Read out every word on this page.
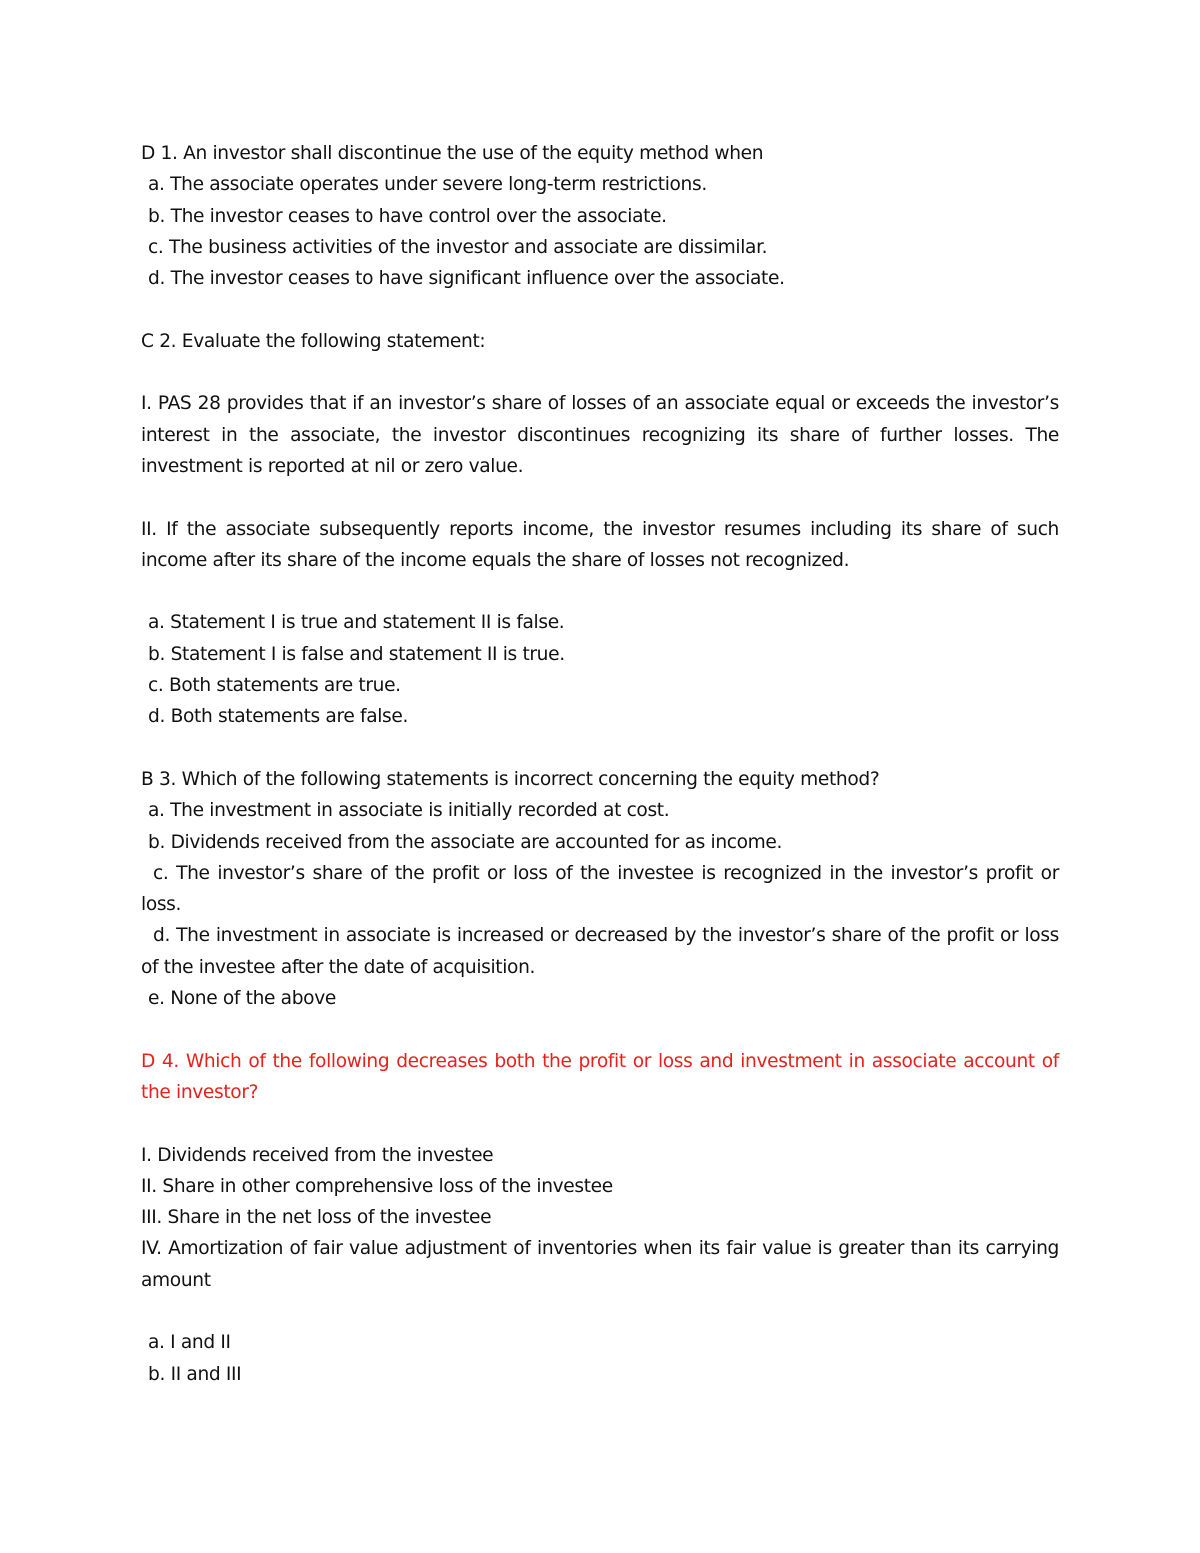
D 1. An investor shall discontinue the use of the equity method when

a. The associate operates under severe long-term restrictions.

b. The investor ceases to have control over the associate.

c. The business activities of the investor and associate are dissimilar.

d. The investor ceases to have significant influence over the associate.

C 2. Evaluate the following statement:

I. PAS 28 provides that if an investor’s share of losses of an associate equal or exceeds the investor’s interest in the associate, the investor discontinues recognizing its share of further losses. The investment is reported at nil or zero value.

II. If the associate subsequently reports income, the investor resumes including its share of such income after its share of the income equals the share of losses not recognized.

a. Statement I is true and statement II is false.

b. Statement I is false and statement II is true.

c. Both statements are true.

d. Both statements are false.

B 3. Which of the following statements is incorrect concerning the equity method?

a. The investment in associate is initially recorded at cost.

b. Dividends received from the associate are accounted for as income.

c. The investor’s share of the profit or loss of the investee is recognized in the investor’s profit or loss.

d. The investment in associate is increased or decreased by the investor’s share of the profit or loss of the investee after the date of acquisition.

e. None of the above

D 4. Which of the following decreases both the profit or loss and investment in associate account of the investor?

I. Dividends received from the investee

II. Share in other comprehensive loss of the investee

III. Share in the net loss of the investee

IV. Amortization of fair value adjustment of inventories when its fair value is greater than its carrying amount

a. I and II

b. II and III
